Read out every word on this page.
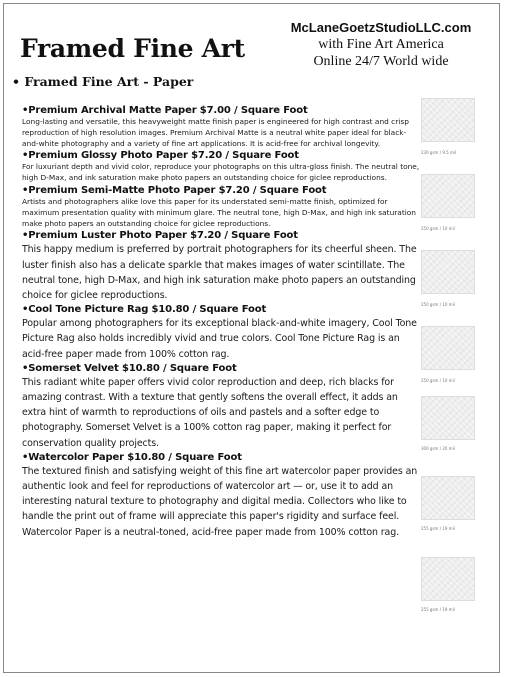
Framed Fine Art
McLaneGoetzStudioLLC.com
with Fine Art America
Online 24/7 World wide
• Framed Fine Art - Paper
•Premium Archival Matte Paper $7.00 / Square Foot
Long-lasting and versatile, this heavyweight matte finish paper is engineered for high contrast and crisp reproduction of high resolution images. Premium Archival Matte is a neutral white paper ideal for black-and-white photography and a variety of fine art applications. It is acid-free for archival longevity.
•Premium Glossy Photo Paper $7.20 / Square Foot
For luxuriant depth and vivid color, reproduce your photographs on this ultra-gloss finish. The neutral tone, high D-Max, and ink saturation make photo papers an outstanding choice for giclee reproductions.
•Premium Semi-Matte Photo Paper $7.20 / Square Foot
Artists and photographers alike love this paper for its understated semi-matte finish, optimized for maximum presentation quality with minimum glare. The neutral tone, high D-Max, and high ink saturation make photo papers an outstanding choice for giclee reproductions.
•Premium Luster Photo Paper $7.20 / Square Foot
This happy medium is preferred by portrait photographers for its cheerful sheen. The luster finish also has a delicate sparkle that makes images of water scintillate. The neutral tone, high D-Max, and high ink saturation make photo papers an outstanding choice for giclee reproductions.
•Cool Tone Picture Rag $10.80 / Square Foot
Popular among photographers for its exceptional black-and-white imagery, Cool Tone Picture Rag also holds incredibly vivid and true colors. Cool Tone Picture Rag is an acid-free paper made from 100% cotton rag.
•Somerset Velvet $10.80 / Square Foot
This radiant white paper offers vivid color reproduction and deep, rich blacks for amazing contrast. With a texture that gently softens the overall effect, it adds an extra hint of warmth to reproductions of oils and pastels and a softer edge to photography. Somerset Velvet is a 100% cotton rag paper, making it perfect for conservation quality projects.
•Watercolor Paper $10.80 / Square Foot
The textured finish and satisfying weight of this fine art watercolor paper provides an authentic look and feel for reproductions of watercolor art — or, use it to add an interesting natural texture to photography and digital media. Collectors who like to handle the print out of frame will appreciate this paper's rigidity and surface feel. Watercolor Paper is a neutral-toned, acid-free paper made from 100% cotton rag.
230 gsm / 9.5 mil
250 gsm / 10 mil
250 gsm / 10 mil
250 gsm / 10 mil
300 gsm / 20 mil
255 gsm / 19 mil
255 gsm / 19 mil
